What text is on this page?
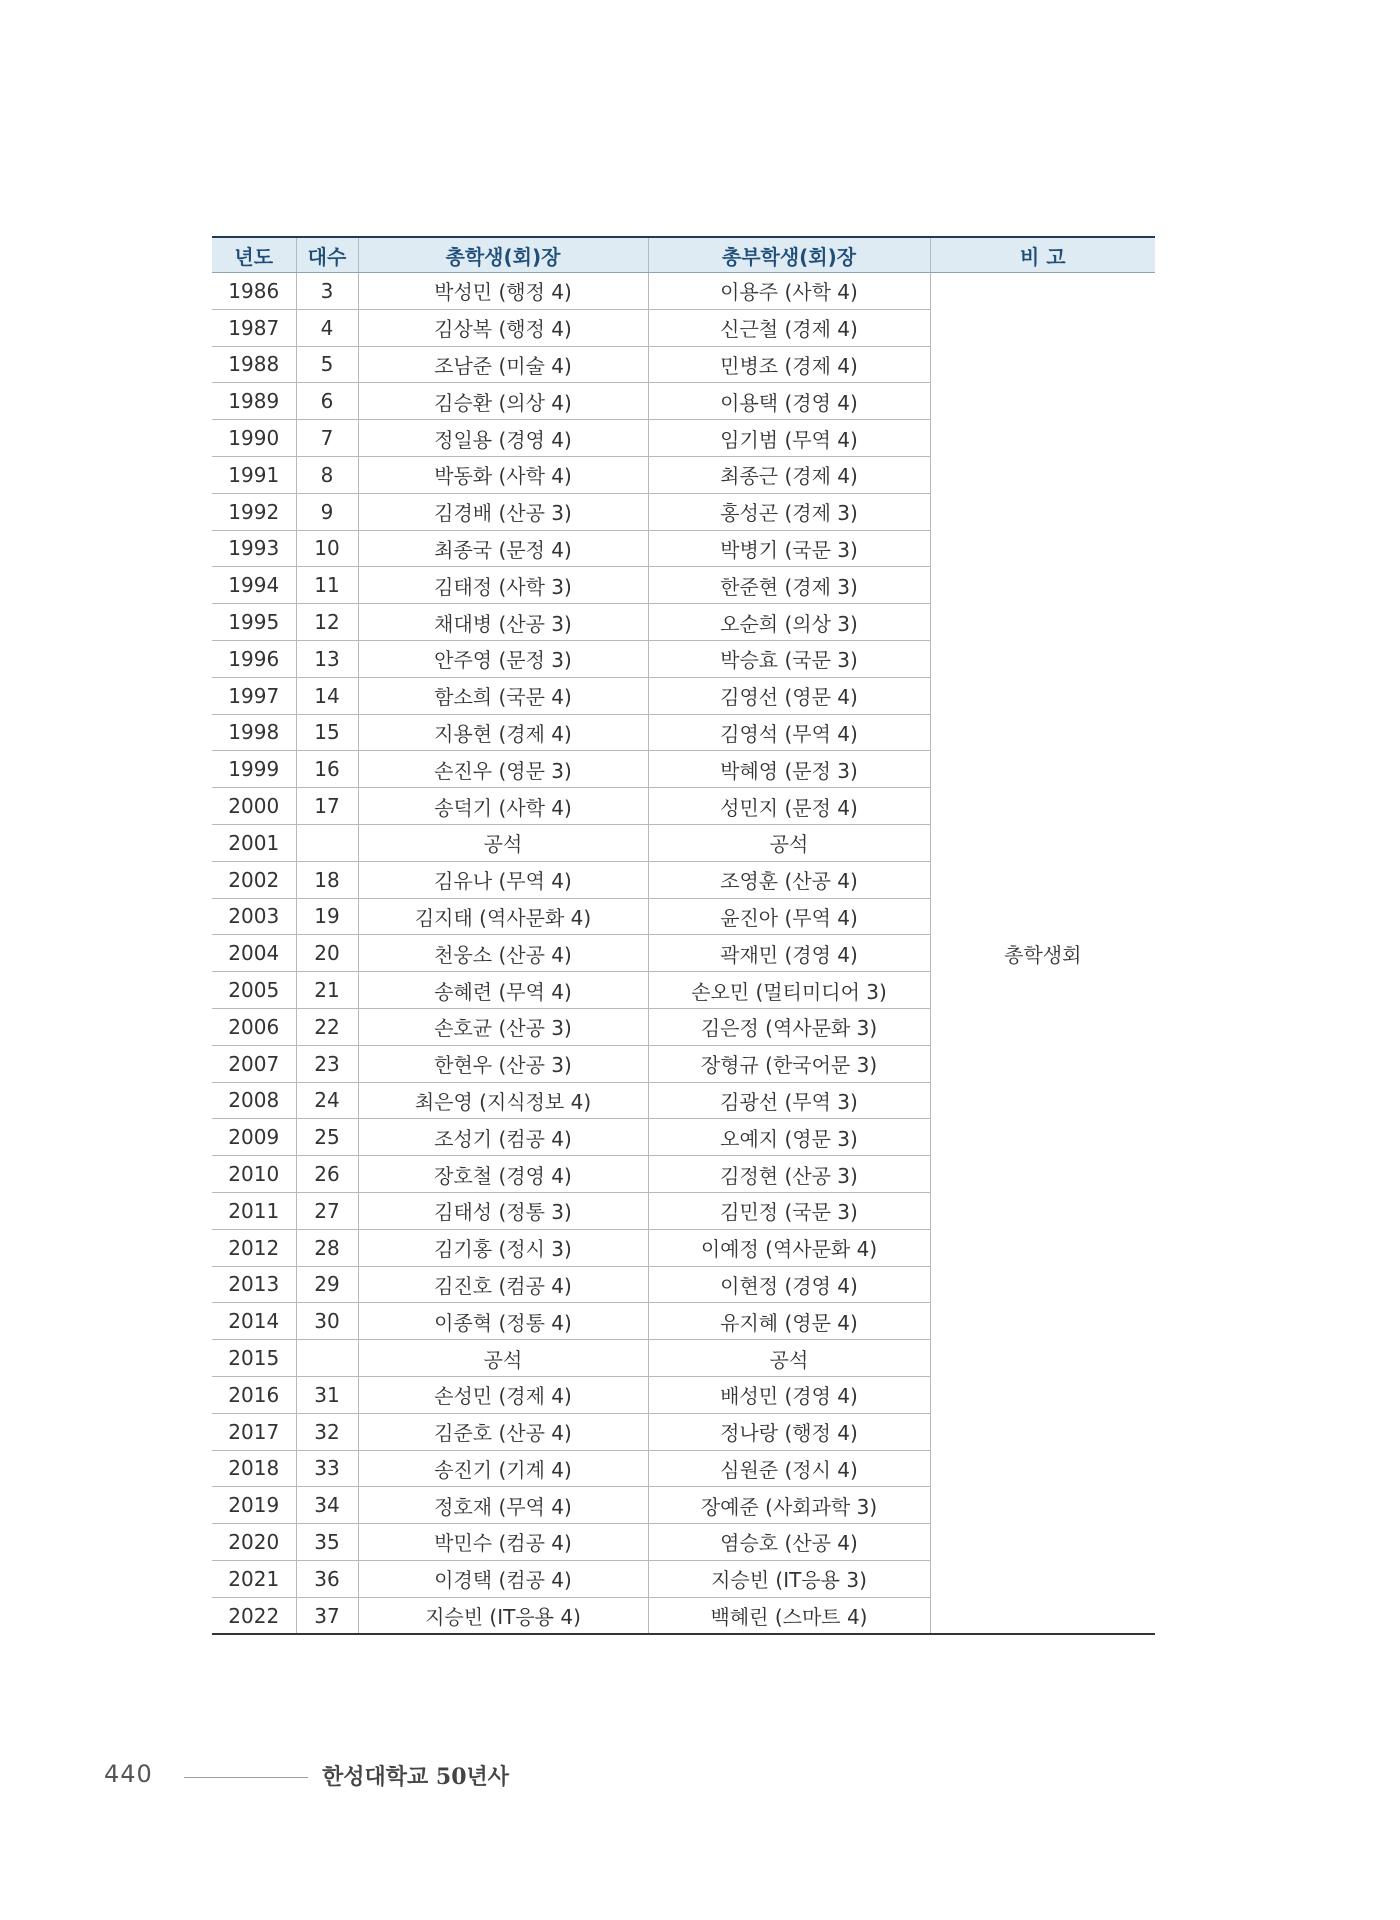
년도	대수	총학생(회)장	총부학생(회)장	비 고
1986	3	박성민 (행정 4)	이용주 (사학 4)	총학생회
1987	4	김상복 (행정 4)	신근철 (경제 4)	
1988	5	조남준 (미술 4)	민병조 (경제 4)	
1989	6	김승환 (의상 4)	이용택 (경영 4)	
1990	7	정일용 (경영 4)	임기범 (무역 4)	
1991	8	박동화 (사학 4)	최종근 (경제 4)	
1992	9	김경배 (산공 3)	홍성곤 (경제 3)	
1993	10	최종국 (문정 4)	박병기 (국문 3)	
1994	11	김태정 (사학 3)	한준현 (경제 3)	
1995	12	채대병 (산공 3)	오순희 (의상 3)	
1996	13	안주영 (문정 3)	박승효 (국문 3)	
1997	14	함소희 (국문 4)	김영선 (영문 4)	
1998	15	지용현 (경제 4)	김영석 (무역 4)	
1999	16	손진우 (영문 3)	박혜영 (문정 3)	
2000	17	송덕기 (사학 4)	성민지 (문정 4)	
2001		공석	공석	
2002	18	김유나 (무역 4)	조영훈 (산공 4)	
2003	19	김지태 (역사문화 4)	윤진아 (무역 4)	
2004	20	천웅소 (산공 4)	곽재민 (경영 4)	
2005	21	송혜련 (무역 4)	손오민 (멀티미디어 3)	
2006	22	손호균 (산공 3)	김은정 (역사문화 3)	
2007	23	한현우 (산공 3)	장형규 (한국어문 3)	
2008	24	최은영 (지식정보 4)	김광선 (무역 3)	
2009	25	조성기 (컴공 4)	오예지 (영문 3)	
2010	26	장호철 (경영 4)	김정현 (산공 3)	
2011	27	김태성 (정통 3)	김민정 (국문 3)	
2012	28	김기홍 (정시 3)	이예정 (역사문화 4)	
2013	29	김진호 (컴공 4)	이현정 (경영 4)	
2014	30	이종혁 (정통 4)	유지혜 (영문 4)	
2015		공석	공석	
2016	31	손성민 (경제 4)	배성민 (경영 4)	
2017	32	김준호 (산공 4)	정나랑 (행정 4)	
2018	33	송진기 (기계 4)	심원준 (정시 4)	
2019	34	정호재 (무역 4)	장예준 (사회과학 3)	
2020	35	박민수 (컴공 4)	염승호 (산공 4)	
2021	36	이경택 (컴공 4)	지승빈 (IT응용 3)	
2022	37	지승빈 (IT응용 4)	백혜린 (스마트 4)	
440	한성대학교 50년사
